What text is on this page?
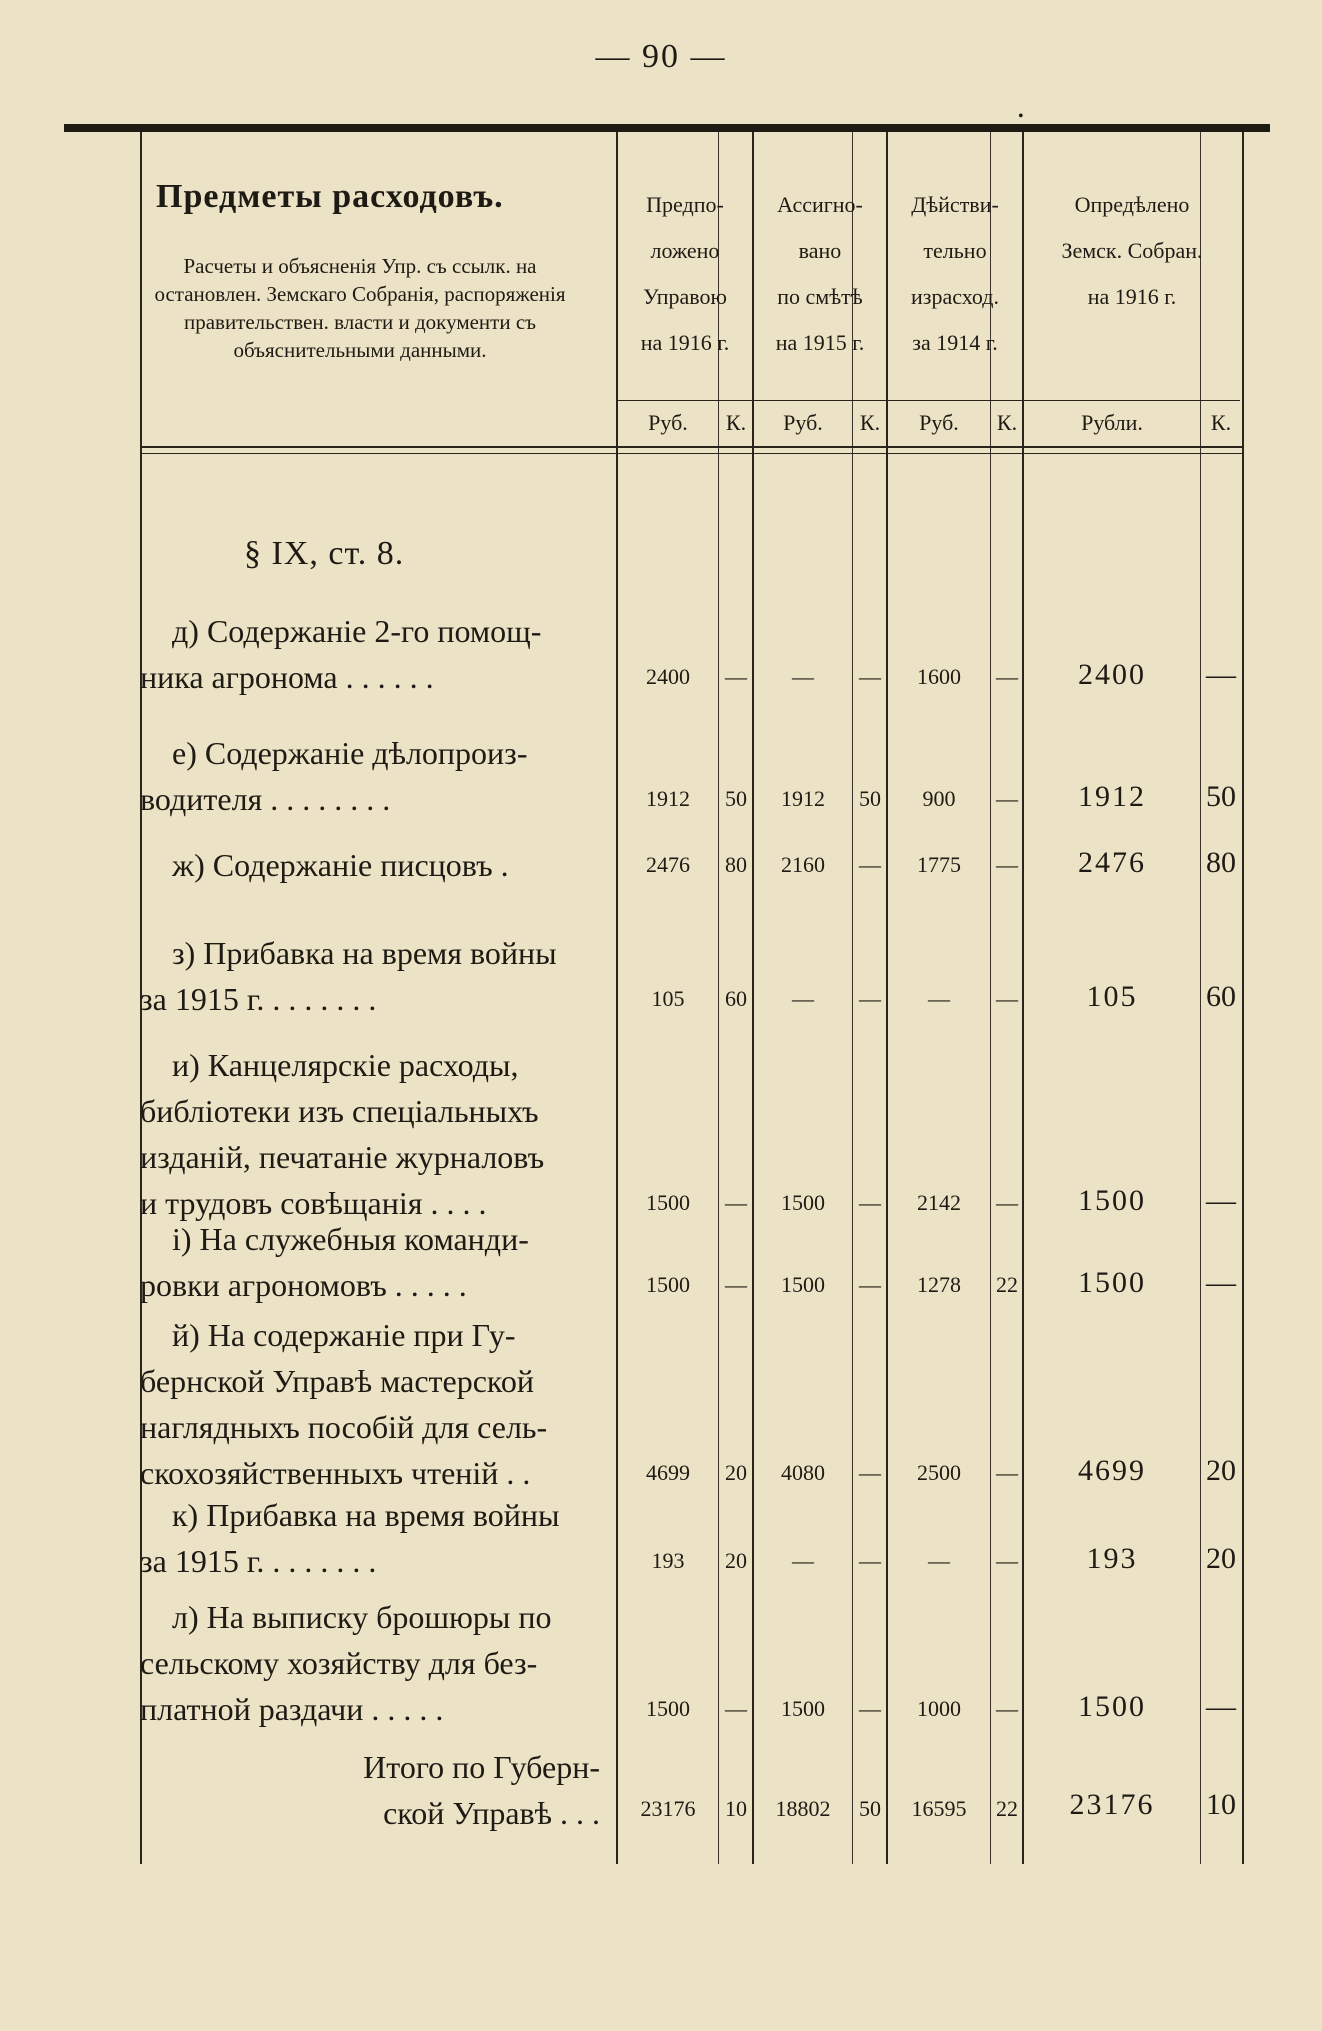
— 90 —
•
Предметы расходовъ.
Расчеты и объясненія Упр. съ ссылк. на остановлен. Земскаго Собранія, распоряженія правительствен. власти и документи съ объяснительными данными.
Предпо-
ложено
Управою
на 1916 г.
Ассигно-
вано
по смѣтѣ
на 1915 г.
Дѣйстви-
тельно
израсход.
за 1914 г.
Опредѣлено
Земск. Собран.
на 1916 г.
Руб.	К.	Руб.	К.	Руб.	К.	Рубли.	К.
§ IX, ст. 8.
д) Содержаніе 2-го помощ-
ника агронома . . . . . .	2400	—	—	—	1600	—	2400	—
е) Содержаніе дѣлопроиз-
водителя . . . . . . . .	1912	50	1912	50	900	—	1912	50
ж) Содержаніе писцовъ .	2476	80	2160	—	1775	—	2476	80
з) Прибавка на время войны
за 1915 г. . . . . . . .	105	60	—	—	—	—	105	60
и) Канцелярскіе расходы,
библіотеки изъ спеціальныхъ
изданій, печатаніе журналовъ
и трудовъ совѣщанія . . . .	1500	—	1500	—	2142	—	1500	—
і) На служебныя команди-
ровки агрономовъ . . . . .	1500	—	1500	—	1278	22	1500	—
й) На содержаніе при Гу-
бернской Управѣ мастерской
наглядныхъ пособій для сель-
скохозяйственныхъ чтеній . .	4699	20	4080	—	2500	—	4699	20
к) Прибавка на время войны
за 1915 г. . . . . . . .	193	20	—	—	—	—	193	20
л) На выписку брошюры по
сельскому хозяйству для без-
платной раздачи . . . . .	1500	—	1500	—	1000	—	1500	—
Итого по Губерн-
ской Управѣ . . .	23176	10	18802	50	16595	22	23176	10
